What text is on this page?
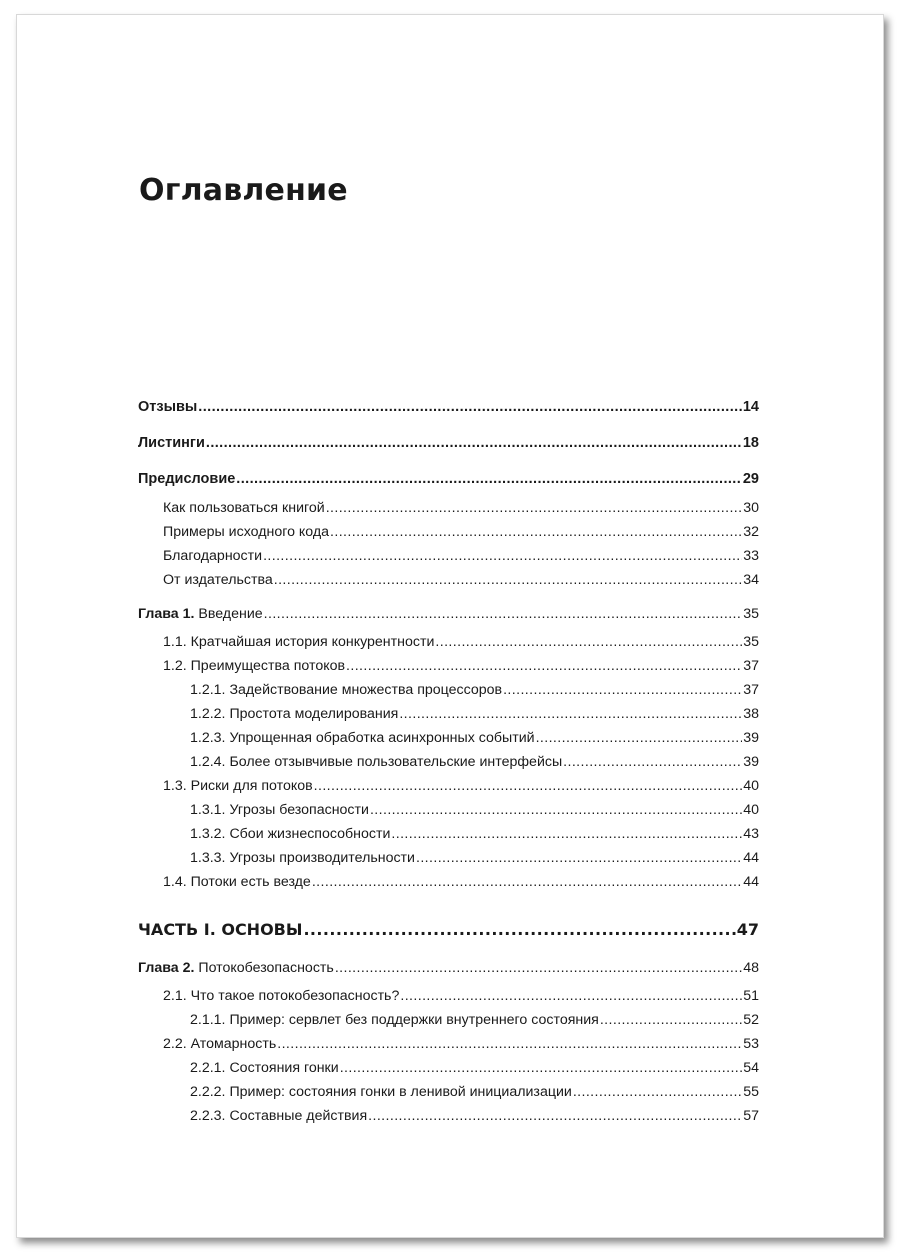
Оглавление
Отзывы .....	14
Листинги .....	18
Предисловие .....	29
Как пользоваться книгой .....	30
Примеры исходного кода .....	32
Благодарности .....	33
От издательства .....	34
Глава 1. Введение .....	35
1.1. Кратчайшая история конкурентности .....	35
1.2. Преимущества потоков .....	37
1.2.1. Задействование множества процессоров .....	37
1.2.2. Простота моделирования .....	38
1.2.3. Упрощенная обработка асинхронных событий .....	39
1.2.4. Более отзывчивые пользовательские интерфейсы .....	39
1.3. Риски для потоков .....	40
1.3.1. Угрозы безопасности .....	40
1.3.2. Сбои жизнеспособности .....	43
1.3.3. Угрозы производительности .....	44
1.4. Потоки есть везде .....	44
ЧАСТЬ I. ОСНОВЫ .....	47
Глава 2. Потокобезопасность .....	48
2.1. Что такое потокобезопасность? .....	51
2.1.1. Пример: сервлет без поддержки внутреннего состояния .....	52
2.2. Атомарность .....	53
2.2.1. Состояния гонки .....	54
2.2.2. Пример: состояния гонки в ленивой инициализации .....	55
2.2.3. Составные действия .....	57
